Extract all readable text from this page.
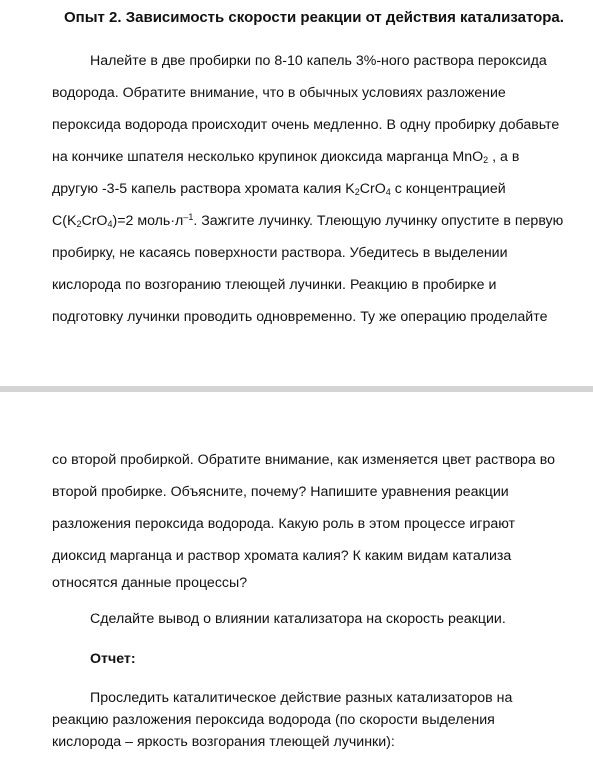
Опыт 2. Зависимость скорости реакции от действия катализатора.
Налейте в две пробирки по 8-10 капель 3%-ного раствора пероксида
водорода. Обратите внимание, что в обычных условиях разложение
пероксида водорода происходит очень медленно. В одну пробирку добавьте
на кончике шпателя несколько крупинок диоксида марганца MnO$_2$ , а в
другую -3-5 капель раствора хромата калия $K_2CrO_4$ с концентрацией
$C(K_2CrO_4)=2$ $моль\cdot л^{-1}$. Зажгите лучинку. Тлеющую лучинку опустите в первую
пробирку, не касаясь поверхности раствора. Убедитесь в выделении
кислорода по возгоранию тлеющей лучинки. Реакцию в пробирке и
подготовку лучинки проводить одновременно. Ту же операцию проделайте
со второй пробиркой. Обратите внимание, как изменяется цвет раствора во
второй пробирке. Объясните, почему? Напишите уравнения реакции
разложения пероксида водорода. Какую роль в этом процессе играют
диоксид марганца и раствор хромата калия? К каким видам катализа
относятся данные процессы?
Сделайте вывод о влиянии катализатора на скорость реакции.
Отчет:
Проследить каталитическое действие разных катализаторов на
реакцию разложения пероксида водорода (по скорости выделения
кислорода – яркость возгорания тлеющей лучинки):
